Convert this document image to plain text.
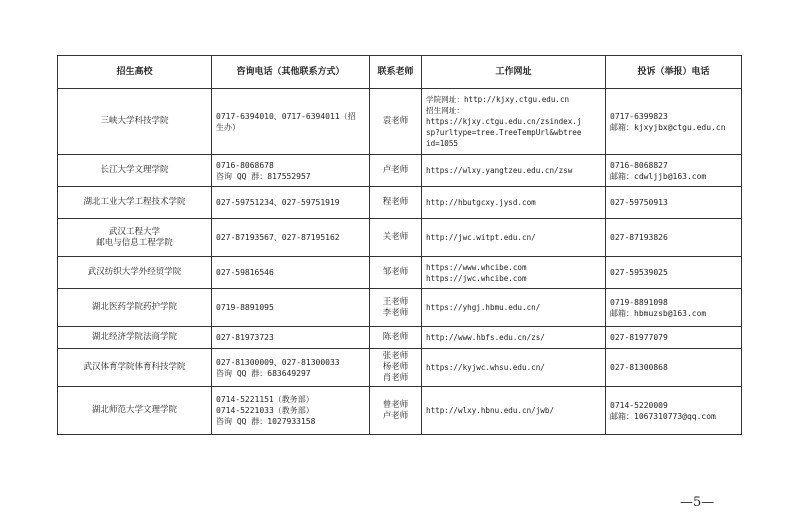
招生高校	咨询电话（其他联系方式）	联系老师	工作网址	投诉（举报）电话

三峡大学科技学院	0717-6394010、0717-6394011（招
生办）	袁老师	学院网址：http://kjxy.ctgu.edu.cn
招生网址：
https://kjxy.ctgu.edu.cn/zsindex.j
sp?urltype=tree.TreeTempUrl&wbtree
id=1055	0717-6399823
邮箱：kjxyjbx@ctgu.edu.cn

长江大学文理学院	0716-8068678
咨询 QQ 群：817552957	卢老师	https://wlxy.yangtzeu.edu.cn/zsw	0716-8068827
邮箱：cdwljjb@163.com

湖北工业大学工程技术学院	027-59751234、027-59751919	程老师	http://hbutgcxy.jysd.com	027-59750913

武汉工程大学
邮电与信息工程学院	027-87193567、027-87195162	关老师	http://jwc.witpt.edu.cn/	027-87193826

武汉纺织大学外经贸学院	027-59816546	邹老师	https://www.whcibe.com
https://jwc.whcibe.com	027-59539025

湖北医药学院药护学院	0719-8891095	王老师
李老师	https://yhgj.hbmu.edu.cn/	0719-8891098
邮箱：hbmuzsb@163.com

湖北经济学院法商学院	027-81973723	陈老师	http://www.hbfs.edu.cn/zs/	027-81977079

武汉体育学院体育科技学院	027-81300009、027-81300033
咨询 QQ 群：683649297	张老师
杨老师
肖老师	https://kyjwc.whsu.edu.cn/	027-81300868

湖北师范大学文理学院	0714-5221151（教务部）
0714-5221033（教务部）
咨询 QQ 群：1027933158	曾老师
卢老师	http://wlxy.hbnu.edu.cn/jwb/	0714-5220009
邮箱：1067310773@qq.com
—5—
